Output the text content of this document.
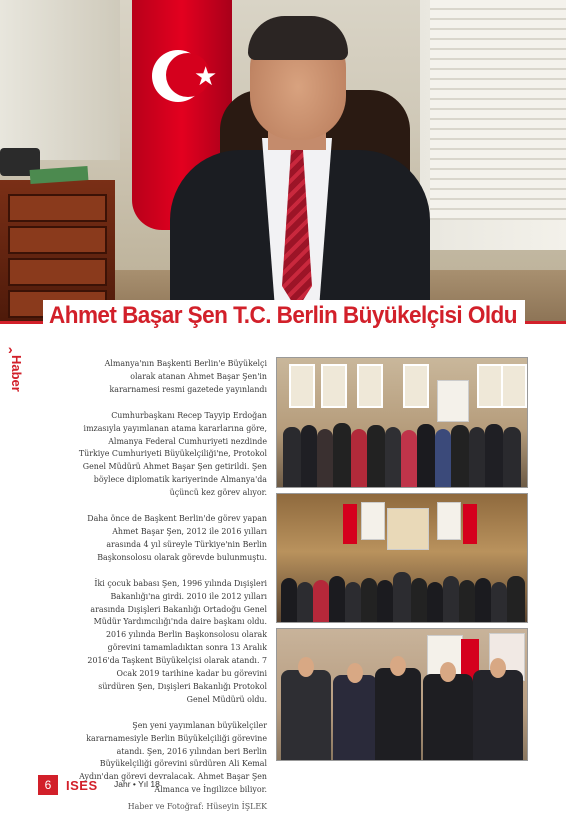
★
Ahmet Başar Şen T.C. Berlin Büyükelçisi Oldu
›
Haber	Almanya'nın Başkenti Berlin'e Büyükelçi olarak atanan Ahmet Başar Şen'in kararnamesi resmi gazetede yayınlandı

Cumhurbaşkanı Recep Tayyip Erdoğan imzasıyla yayımlanan atama kararlarına göre, Almanya Federal Cumhuriyeti nezdinde Türkiye Cumhuriyeti Büyükelçiliği'ne, Protokol Genel Müdürü Ahmet Başar Şen getirildi. Şen böylece diplomatik kariyerinde Almanya'da üçüncü kez görev alıyor.

Daha önce de Başkent Berlin'de görev yapan Ahmet Başar Şen, 2012 ile 2016 yılları arasında 4 yıl süreyle Türkiye'nin Berlin Başkonsolosu olarak görevde bulunmuştu.

İki çocuk babası Şen, 1996 yılında Dışişleri Bakanlığı'na girdi. 2010 ile 2012 yılları arasında Dışişleri Bakanlığı Ortadoğu Genel Müdür Yardımcılığı'nda daire başkanı oldu. 2016 yılında Berlin Başkonsolosu olarak görevini tamamladıktan sonra 13 Aralık 2016'da Taşkent Büyükelçisi olarak atandı. 7 Ocak 2019 tarihine kadar bu görevini sürdüren Şen, Dışişleri Bakanlığı Protokol Genel Müdürü oldu.

Şen yeni yayımlanan büyükelçiler kararnamesiyle Berlin Büyükelçiliği görevine atandı. Şen, 2016 yılından beri Berlin Büyükelçiliği görevini sürdüren Ali Kemal Aydın'dan görevi devralacak. Ahmet Başar Şen Almanca ve İngilizce biliyor.

Haber ve Fotoğraf: Hüseyin İŞLEK

6	ISES Jahr • Yıl 18
